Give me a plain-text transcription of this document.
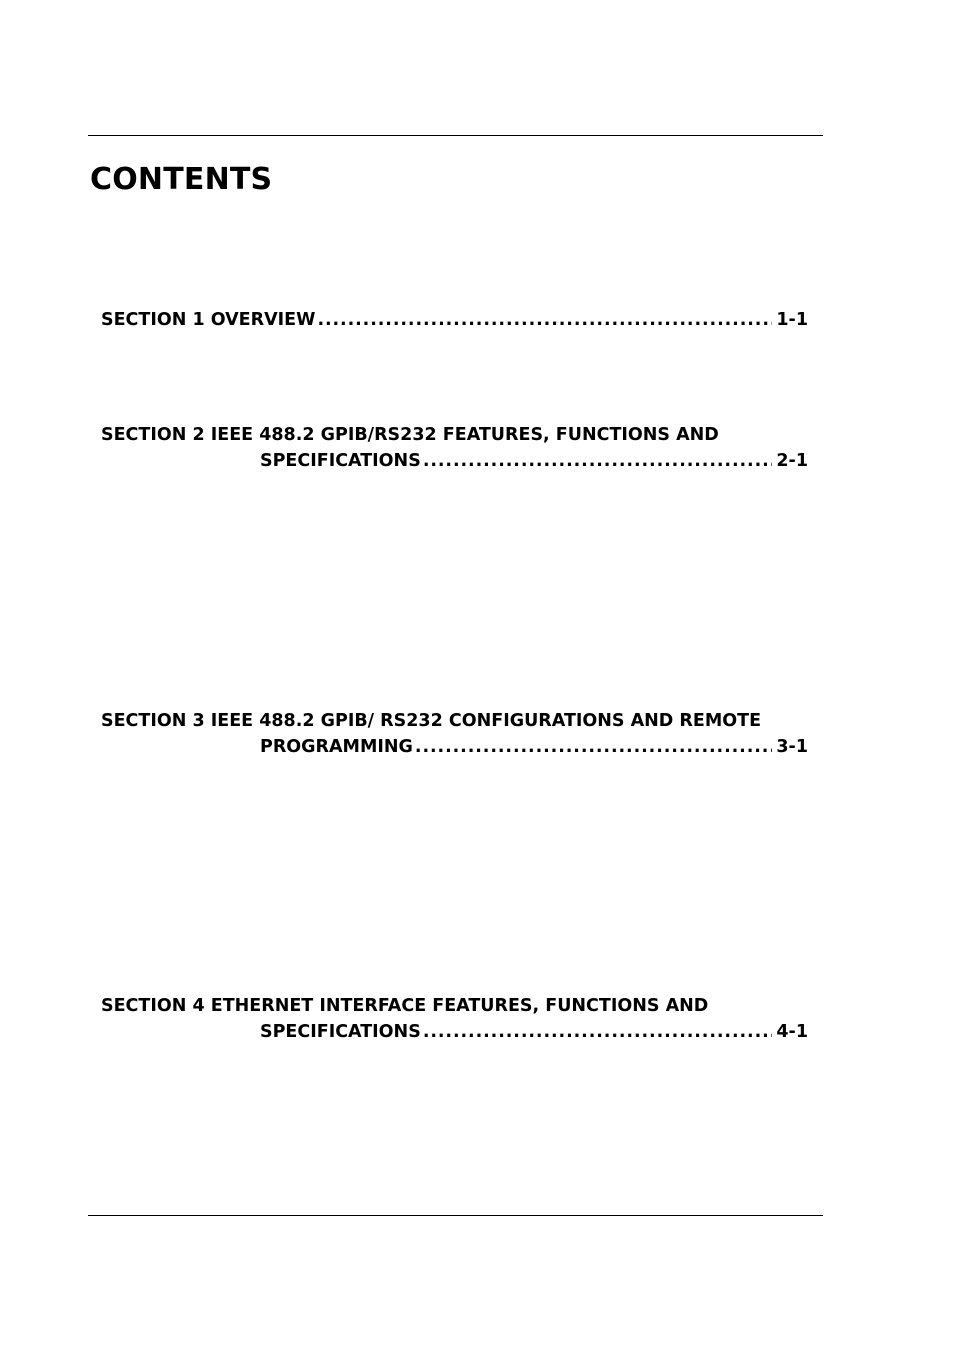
CONTENTS
SECTION 1 OVERVIEW . . .	1-1
SECTION 2 IEEE 488.2 GPIB/RS232 FEATURES, FUNCTIONS AND
SPECIFICATIONS . . .	2-1
SECTION 3 IEEE 488.2 GPIB/ RS232 CONFIGURATIONS AND REMOTE
PROGRAMMING . . .	3-1
SECTION 4 ETHERNET INTERFACE FEATURES, FUNCTIONS AND
SPECIFICATIONS . . .	4-1
